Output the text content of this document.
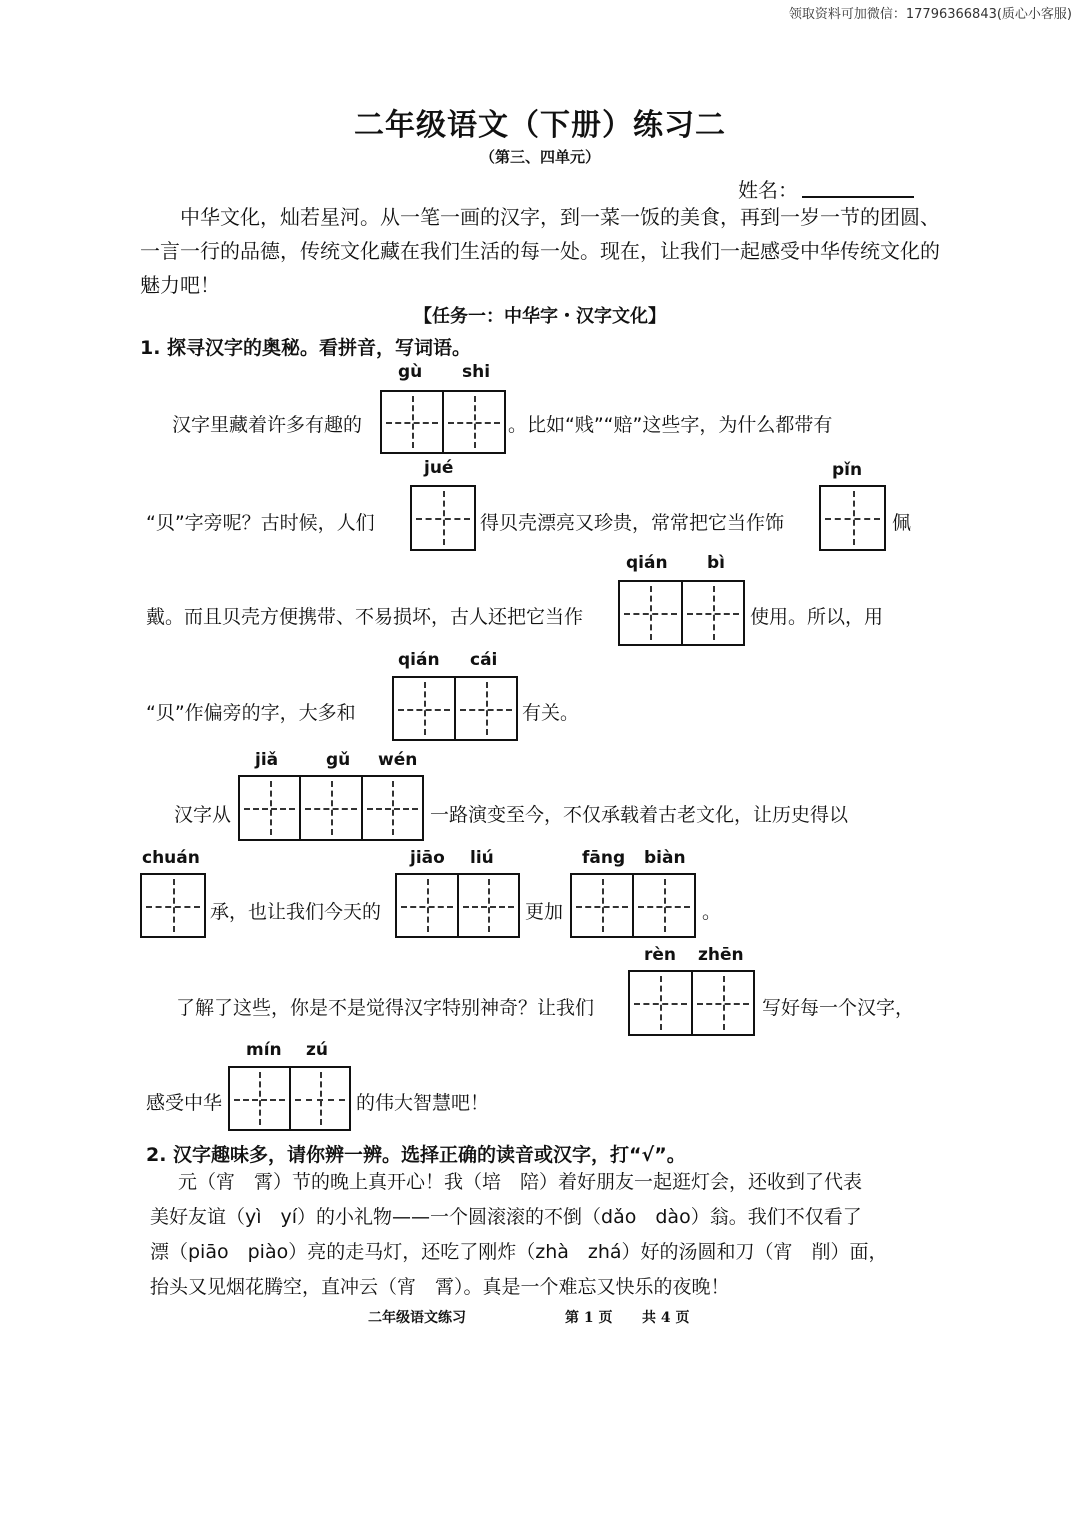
领取资料可加微信：17796366843(质心小客服)
二年级语文（下册）练习二
（第三、四单元）
姓名：

中华文化，灿若星河。从一笔一画的汉字，到一菜一饭的美食，再到一岁一节的团圆、一言一行的品德，传统文化藏在我们生活的每一处。现在，让我们一起感受中华传统文化的魅力吧！

【任务一：中华字・汉字文化】
1. 探寻汉字的奥秘。看拼音，写词语。
gù shi
汉字里藏着许多有趣的	。比如“贱”“赔”这些字，为什么都带有
jué	pǐn
“贝”字旁呢？古时候，人们	得贝壳漂亮又珍贵，常常把它当作饰	佩
qián bì
戴。而且贝壳方便携带、不易损坏，古人还把它当作	使用。所以，用
qián cái
“贝”作偏旁的字，大多和	有关。
jiǎ	gǔ wén
汉字从	一路演变至今，不仅承载着古老文化，让历史得以
chuán	jiāo liú	fāng biàn
承，也让我们今天的	更加	。
rèn zhēn
了解了这些，你是不是觉得汉字特别神奇？让我们	写好每一个汉字，
mín zú
感受中华	的伟大智慧吧！
2. 汉字趣味多，请你辨一辨。选择正确的读音或汉字，打“√”。

元（宵　霄）节的晚上真开心！我（培　陪）着好朋友一起逛灯会，还收到了代表

美好友谊（yì　yí）的小礼物——一个圆滚滚的不倒（dǎo　dào）翁。我们不仅看了

漂（piāo　piào）亮的走马灯，还吃了刚炸（zhà　zhá）好的汤圆和刀（宵　削）面，

抬头又见烟花腾空，直冲云（宵　霄）。真是一个难忘又快乐的夜晚！

二年级语文练习	第 1 页 共 4 页
